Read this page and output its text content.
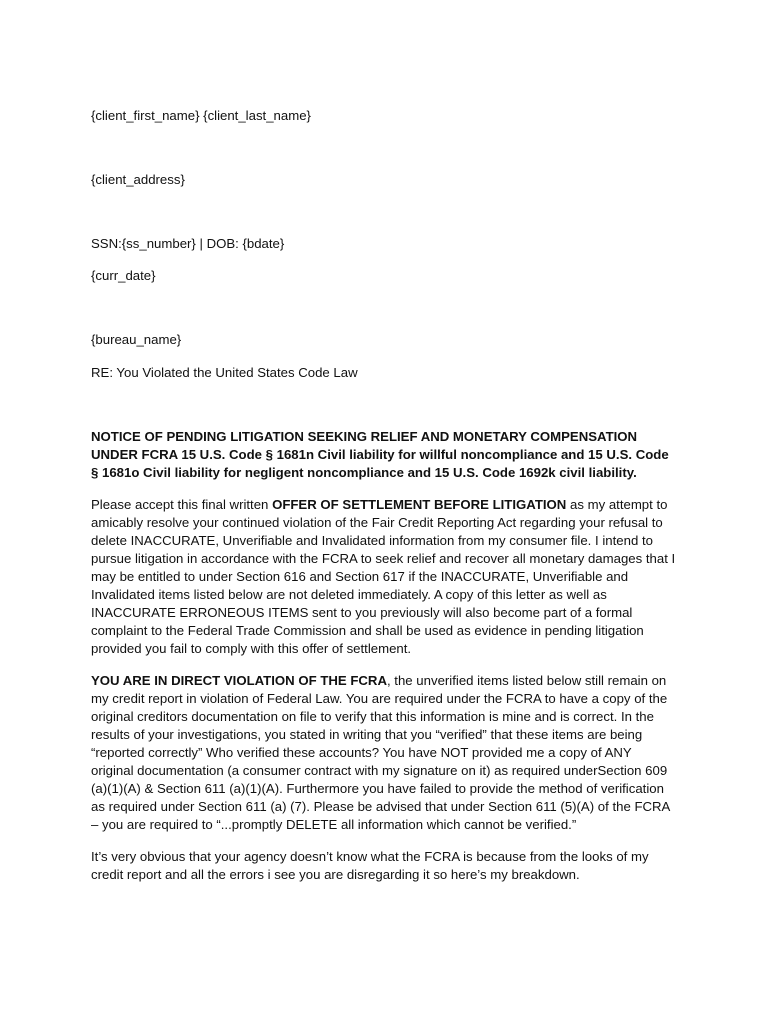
{client_first_name} {client_last_name}
{client_address}
SSN:{ss_number} | DOB: {bdate}
{curr_date}
{bureau_name}
RE: You Violated the United States Code Law
NOTICE OF PENDING LITIGATION SEEKING RELIEF AND MONETARY COMPENSATION
UNDER FCRA 15 U.S. Code § 1681n Civil liability for willful noncompliance and 15 U.S. Code
§ 1681o Civil liability for negligent noncompliance and 15 U.S. Code 1692k civil liability.
Please accept this final written OFFER OF SETTLEMENT BEFORE LITIGATION as my attempt to
amicably resolve your continued violation of the Fair Credit Reporting Act regarding your refusal to
delete INACCURATE, Unverifiable and Invalidated information from my consumer file. I intend to
pursue litigation in accordance with the FCRA to seek relief and recover all monetary damages that I
may be entitled to under Section 616 and Section 617 if the INACCURATE, Unverifiable and
Invalidated items listed below are not deleted immediately. A copy of this letter as well as
INACCURATE ERRONEOUS ITEMS sent to you previously will also become part of a formal
complaint to the Federal Trade Commission and shall be used as evidence in pending litigation
provided you fail to comply with this offer of settlement.
YOU ARE IN DIRECT VIOLATION OF THE FCRA, the unverified items listed below still remain on
my credit report in violation of Federal Law. You are required under the FCRA to have a copy of the
original creditors documentation on file to verify that this information is mine and is correct. In the
results of your investigations, you stated in writing that you “verified” that these items are being
“reported correctly” Who verified these accounts? You have NOT provided me a copy of ANY
original documentation (a consumer contract with my signature on it) as required underSection 609
(a)(1)(A) & Section 611 (a)(1)(A). Furthermore you have failed to provide the method of verification
as required under Section 611 (a) (7). Please be advised that under Section 611 (5)(A) of the FCRA
– you are required to “...promptly DELETE all information which cannot be verified.”
It’s very obvious that your agency doesn’t know what the FCRA is because from the looks of my
credit report and all the errors i see you are disregarding it so here’s my breakdown.
